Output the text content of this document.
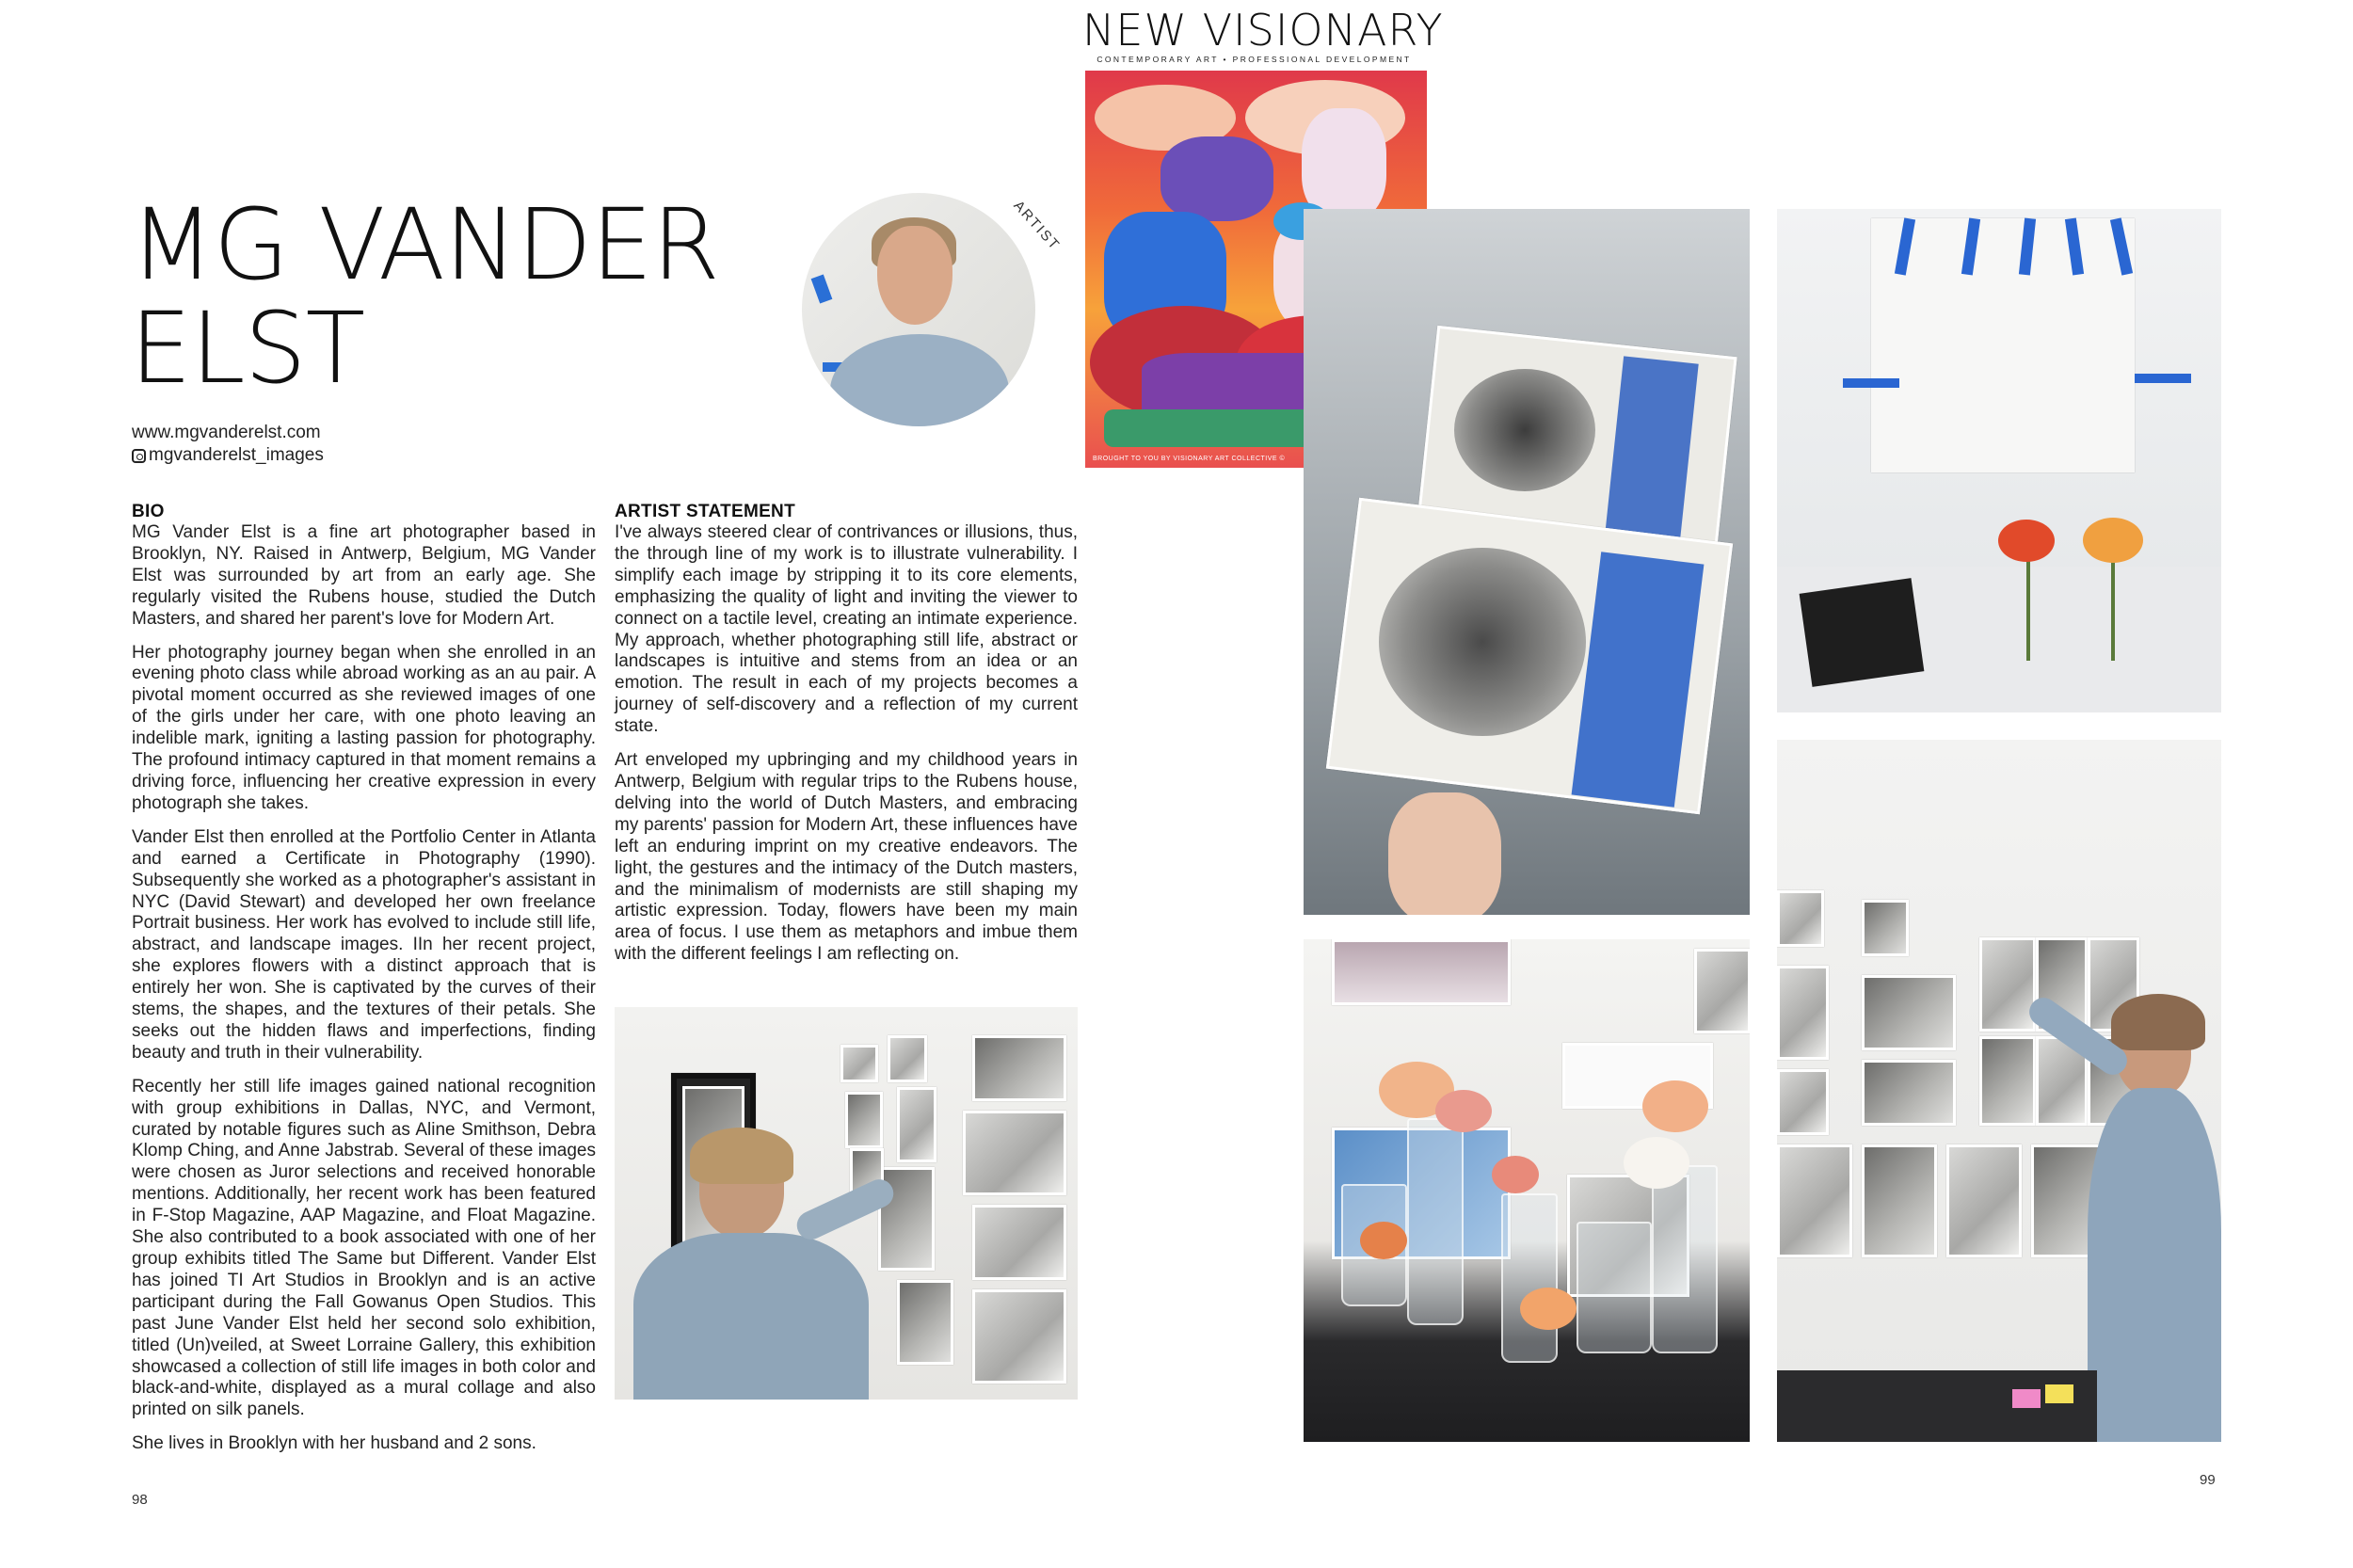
NEW VISIONARY
CONTEMPORARY ART • PROFESSIONAL DEVELOPMENT
BROUGHT TO YOU BY VISIONARY ART COLLECTIVE ©
MG VANDER
ELST
www.mgvanderelst.com
mgvanderelst_images
ARTIST
BIO

MG Vander Elst is a fine art photographer based in Brooklyn, NY. Raised in Antwerp, Belgium, MG Vander Elst was surrounded by art from an early age. She regularly visited the Rubens house, studied the Dutch Masters, and shared her parent's love for Modern Art.

Her photography journey began when she enrolled in an evening photo class while abroad working as an au pair. A pivotal moment occurred as she reviewed images of one of the girls under her care, with one photo leaving an indelible mark, igniting a lasting passion for photography. The profound intimacy captured in that moment remains a driving force, influencing her creative expression in every photograph she takes.

Vander Elst then enrolled at the Portfolio Center in Atlanta and earned a Certificate in Photography (1990). Subsequently she worked as a photographer's assistant in NYC (David Stewart) and developed her own freelance Portrait business. Her work has evolved to include still life, abstract, and landscape images. IIn her recent project, she explores flowers with a distinct approach that is entirely her won. She is captivated by the curves of their stems, the shapes, and the textures of their petals. She seeks out the hidden flaws and imperfections, finding beauty and truth in their vulnerability.

Recently her still life images gained national recognition with group exhibitions in Dallas, NYC, and Vermont, curated by notable figures such as Aline Smithson, Debra Klomp Ching, and Anne Jabstrab. Several of these images were chosen as Juror selections and received honorable mentions. Additionally, her recent work has been featured in F-Stop Magazine, AAP Magazine, and Float Magazine. She also contributed to a book associated with one of her group exhibits titled The Same but Different. Vander Elst has joined TI Art Studios in Brooklyn and is an active participant during the Fall Gowanus Open Studios. This past June Vander Elst held her second solo exhibition, titled (Un)veiled, at Sweet Lorraine Gallery, this exhibition showcased a collection of still life images in both color and black-and-white, displayed as a mural collage and also printed on silk panels.

She lives in Brooklyn with her husband and 2 sons.

ARTIST STATEMENT

I've always steered clear of contrivances or illusions, thus, the through line of my work is to illustrate vulnerability. I simplify each image by stripping it to its core elements, emphasizing the quality of light and inviting the viewer to connect on a tactile level, creating an intimate experience. My approach, whether photographing still life, abstract or landscapes is intuitive and stems from an idea or an emotion. The result in each of my projects becomes a journey of self-discovery and a reflection of my current state.

Art enveloped my upbringing and my childhood years in Antwerp, Belgium with regular trips to the Rubens house, delving into the world of Dutch Masters, and embracing my parents' passion for Modern Art, these influences have left an enduring imprint on my creative endeavors. The light, the gestures and the intimacy of the Dutch masters, and the minimalism of modernists are still shaping my artistic expression. Today, flowers have been my main area of focus. I use them as metaphors and imbue them with the different feelings I am reflecting on.

98
99
